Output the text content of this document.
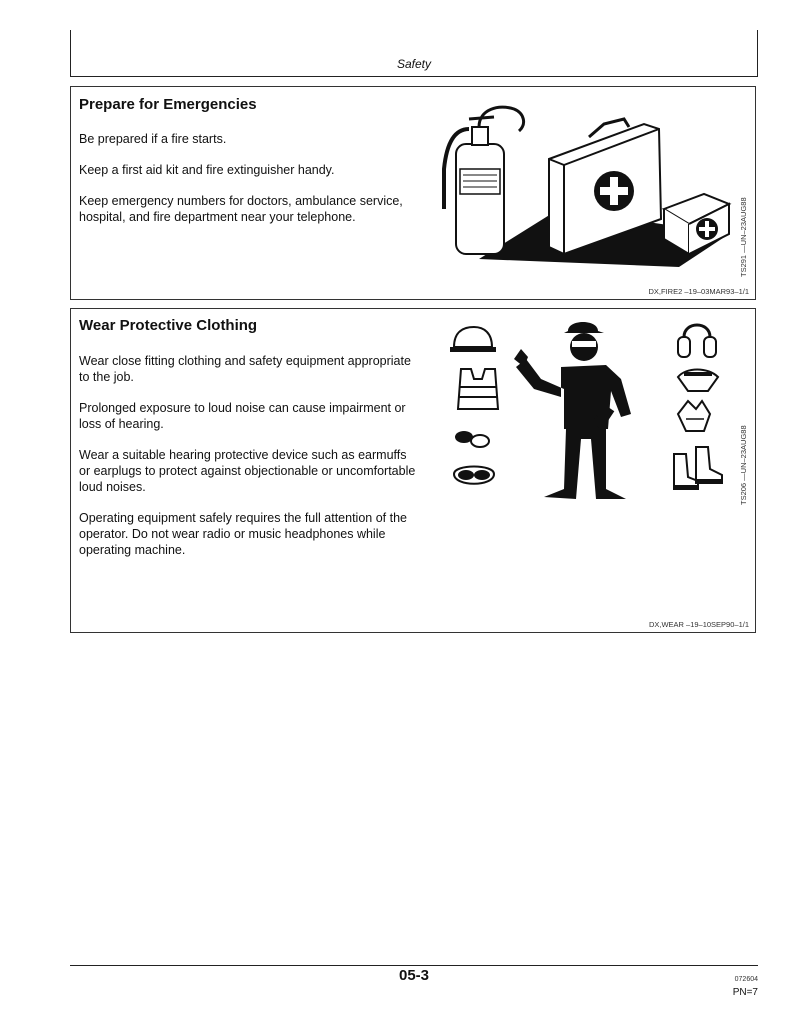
Safety
Prepare for Emergencies

Be prepared if a fire starts.

Keep a first aid kit and fire extinguisher handy.

Keep emergency numbers for doctors, ambulance service, hospital, and fire department near your telephone.	TS291 —UN–23AUG88
DX,FIRE2 –19–03MAR93–1/1
Wear Protective Clothing

Wear close fitting clothing and safety equipment appropriate to the job.

Prolonged exposure to loud noise can cause impairment or loss of hearing.

Wear a suitable hearing protective device such as earmuffs or earplugs to protect against objectionable or uncomfortable loud noises.

Operating equipment safely requires the full attention of the operator. Do not wear radio or music headphones while operating machine.

TS206 —UN–23AUG88
DX,WEAR –19–10SEP90–1/1
05-3	072604
PN=7
